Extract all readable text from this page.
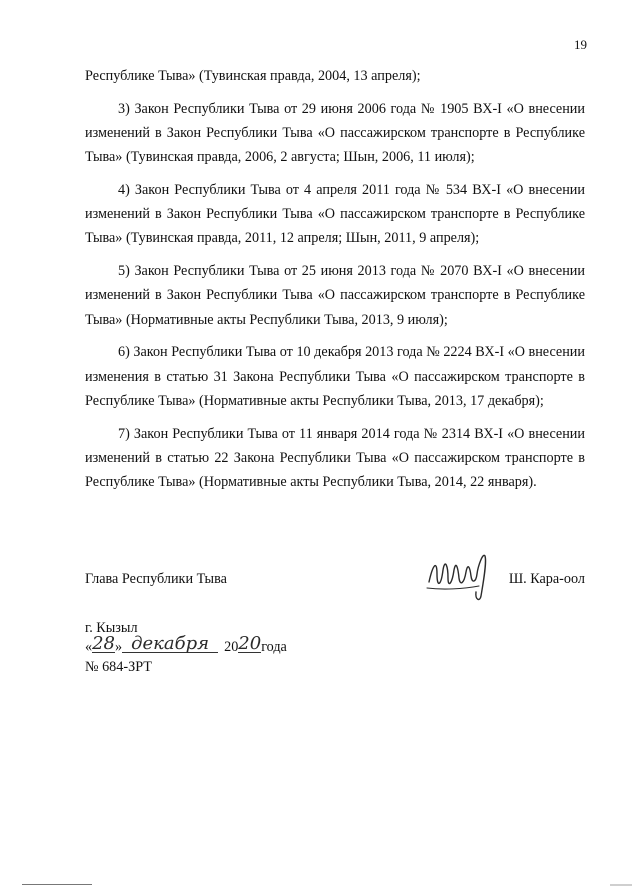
19

Республике Тыва» (Тувинская правда, 2004, 13 апреля);

3) Закон Республики Тыва от 29 июня 2006 года № 1905 ВХ-I «О внесении изменений в Закон Республики Тыва «О пассажирском транспорте в Республике Тыва» (Тувинская правда, 2006, 2 августа; Шын, 2006, 11 июля);

4) Закон Республики Тыва от 4 апреля 2011 года № 534 ВХ-I «О внесении изменений в Закон Республики Тыва «О пассажирском транспорте в Республике Тыва» (Тувинская правда, 2011, 12 апреля; Шын, 2011, 9 апреля);

5) Закон Республики Тыва от 25 июня 2013 года № 2070 ВХ-I «О внесении изменений в Закон Республики Тыва «О пассажирском транспорте в Республике Тыва» (Нормативные акты Республики Тыва, 2013, 9 июля);

6) Закон Республики Тыва от 10 декабря 2013 года № 2224 ВХ-I «О внесении изменения в статью 31 Закона Республики Тыва «О пассажирском транспорте в Республике Тыва» (Нормативные акты Республики Тыва, 2013, 17 декабря);

7) Закон Республики Тыва от 11 января 2014 года № 2314 ВХ-I «О внесении изменений в статью 22 Закона Республики Тыва «О пассажирском транспорте в Республике Тыва» (Нормативные акты Республики Тыва, 2014, 22 января).

Глава Республики Тыва	Ш. Кара-оол
г. Кызыл
«28» декабря 2020года
№ 684-ЗРТ
